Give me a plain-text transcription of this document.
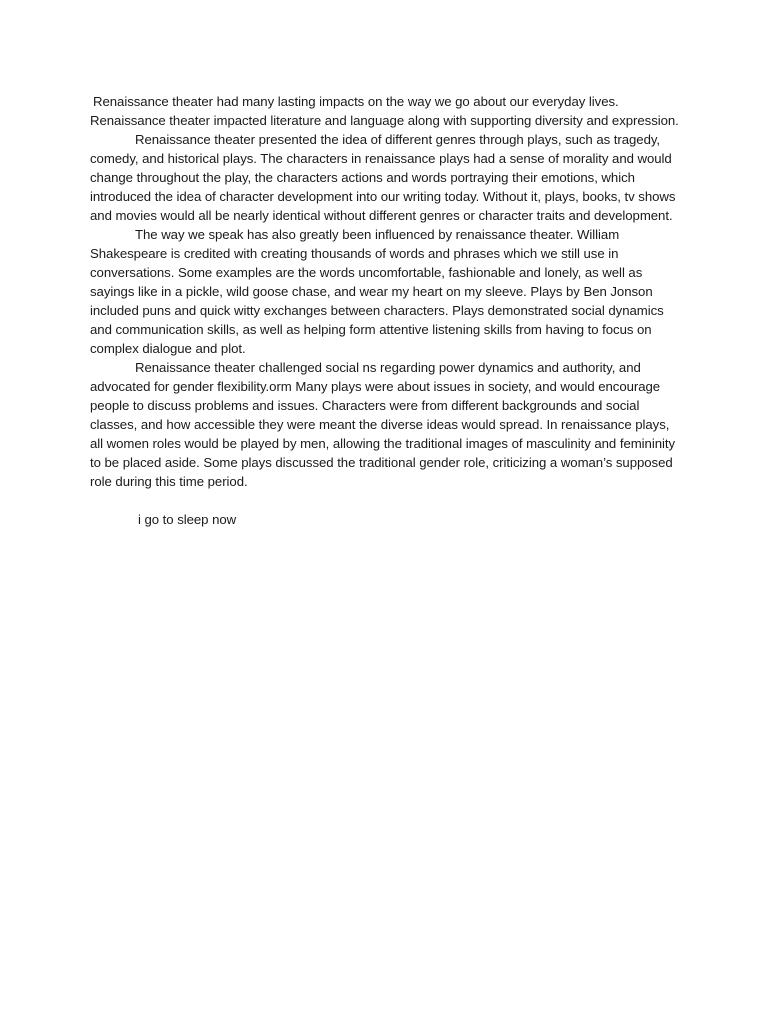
Renaissance theater had many lasting impacts on the way we go about our everyday lives. Renaissance theater impacted literature and language along with supporting diversity and expression.

Renaissance theater presented the idea of different genres through plays, such as tragedy, comedy, and historical plays. The characters in renaissance plays had a sense of morality and would change throughout the play, the characters actions and words portraying their emotions, which introduced the idea of character development into our writing today. Without it, plays, books, tv shows and movies would all be nearly identical without different genres or character traits and development.

The way we speak has also greatly been influenced by renaissance theater. William Shakespeare is credited with creating thousands of words and phrases which we still use in conversations. Some examples are the words uncomfortable, fashionable and lonely, as well as sayings like in a pickle, wild goose chase, and wear my heart on my sleeve. Plays by Ben Jonson included puns and quick witty exchanges between characters. Plays demonstrated social dynamics and communication skills, as well as helping form attentive listening skills from having to focus on complex dialogue and plot.

Renaissance theater challenged social ns regarding power dynamics and authority, and advocated for gender flexibility.orm Many plays were about issues in society, and would encourage people to discuss problems and issues. Characters were from different backgrounds and social classes, and how accessible they were meant the diverse ideas would spread. In renaissance plays, all women roles would be played by men, allowing the traditional images of masculinity and femininity to be placed aside. Some plays discussed the traditional gender role, criticizing a woman’s supposed role during this time period.

i go to sleep now
